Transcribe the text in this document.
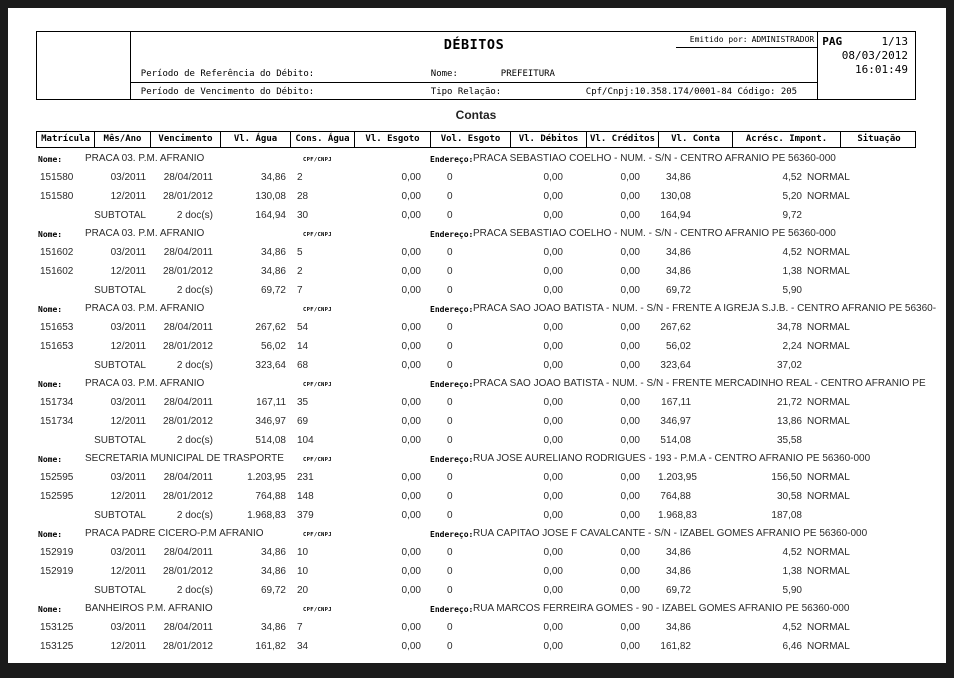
DÉBITOS	Emitido por: ADMINISTRADOR
Período de Referência do Débito:	Nome:	PREFEITURA
Período de Vencimento do Débito:	Tipo Relação:	Cpf/Cnpj:10.358.174/0001-84 Código: 205
PAG	1/13
08/03/2012
16:01:49
Contas
Matrícula	Mês/Ano	Vencimento	Vl. Água	Cons. Água	Vl. Esgoto	Vol. Esgoto	Vl. Débitos	Vl. Créditos	Vl. Conta	Acrésc. Impont.	Situação
Nome: PRACA 03. P.M. AFRANIO	CPF/CNPJ	Endereço: PRACA SEBASTIAO COELHO - NUM. - S/N - CENTRO AFRANIO PE 56360-000
151580	03/2011	28/04/2011	34,86	2	0,00	0	0,00	0,00	34,86	4,52 NORMAL
151580	12/2011	28/01/2012	130,08	28	0,00	0	0,00	0,00	130,08	5,20 NORMAL
SUBTOTAL	2 doc(s)	164,94	30	0,00	0	0,00	0,00	164,94	9,72
Nome: PRACA 03. P.M. AFRANIO	CPF/CNPJ	Endereço: PRACA SEBASTIAO COELHO - NUM. - S/N - CENTRO AFRANIO PE 56360-000
151602	03/2011	28/04/2011	34,86	5	0,00	0	0,00	0,00	34,86	4,52 NORMAL
151602	12/2011	28/01/2012	34,86	2	0,00	0	0,00	0,00	34,86	1,38 NORMAL
SUBTOTAL	2 doc(s)	69,72	7	0,00	0	0,00	0,00	69,72	5,90
Nome: PRACA 03. P.M. AFRANIO	CPF/CNPJ	Endereço: PRACA SAO JOAO BATISTA - NUM. - S/N - FRENTE A IGREJA S.J.B. - CENTRO AFRANIO PE 56360-
151653	03/2011	28/04/2011	267,62	54	0,00	0	0,00	0,00	267,62	34,78 NORMAL
151653	12/2011	28/01/2012	56,02	14	0,00	0	0,00	0,00	56,02	2,24 NORMAL
SUBTOTAL	2 doc(s)	323,64	68	0,00	0	0,00	0,00	323,64	37,02
Nome: PRACA 03. P.M. AFRANIO	CPF/CNPJ	Endereço: PRACA SAO JOAO BATISTA - NUM. - S/N - FRENTE MERCADINHO REAL - CENTRO AFRANIO PE
151734	03/2011	28/04/2011	167,11	35	0,00	0	0,00	0,00	167,11	21,72 NORMAL
151734	12/2011	28/01/2012	346,97	69	0,00	0	0,00	0,00	346,97	13,86 NORMAL
SUBTOTAL	2 doc(s)	514,08	104	0,00	0	0,00	0,00	514,08	35,58
Nome: SECRETARIA MUNICIPAL DE TRASPORTE	CPF/CNPJ	Endereço: RUA JOSE AURELIANO RODRIGUES - 193 - P.M.A - CENTRO AFRANIO PE 56360-000
152595	03/2011	28/04/2011	1.203,95	231	0,00	0	0,00	0,00	1.203,95	156,50 NORMAL
152595	12/2011	28/01/2012	764,88	148	0,00	0	0,00	0,00	764,88	30,58 NORMAL
SUBTOTAL	2 doc(s)	1.968,83	379	0,00	0	0,00	0,00	1.968,83	187,08
Nome: PRACA PADRE CICERO-P.M AFRANIO	CPF/CNPJ	Endereço: RUA CAPITAO JOSE F CAVALCANTE - S/N - IZABEL GOMES AFRANIO PE 56360-000
152919	03/2011	28/04/2011	34,86	10	0,00	0	0,00	0,00	34,86	4,52 NORMAL
152919	12/2011	28/01/2012	34,86	10	0,00	0	0,00	0,00	34,86	1,38 NORMAL
SUBTOTAL	2 doc(s)	69,72	20	0,00	0	0,00	0,00	69,72	5,90
Nome: BANHEIROS P.M. AFRANIO	CPF/CNPJ	Endereço: RUA MARCOS FERREIRA GOMES - 90 - IZABEL GOMES AFRANIO PE 56360-000
153125	03/2011	28/04/2011	34,86	7	0,00	0	0,00	0,00	34,86	4,52 NORMAL
153125	12/2011	28/01/2012	161,82	34	0,00	0	0,00	0,00	161,82	6,46 NORMAL
